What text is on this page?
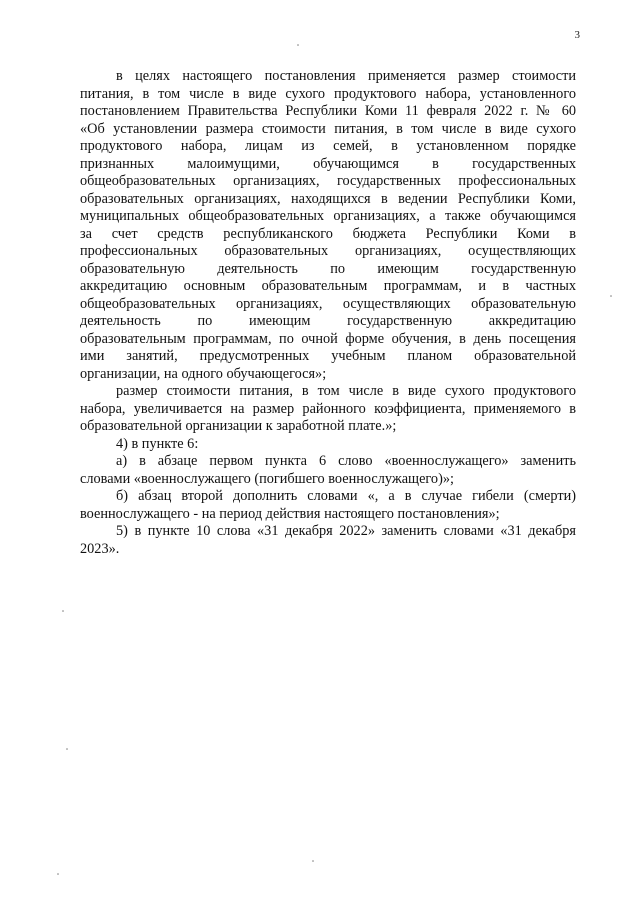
3

в целях настоящего постановления применяется размер стоимости
питания, в том числе в виде сухого продуктового набора, установленного
постановлением Правительства Республики Коми 11 февраля 2022 г. № 60
«Об установлении размера стоимости питания, в том числе в виде сухого
продуктового набора, лицам из семей, в установленном порядке
признанных малоимущими, обучающимся в государственных
общеобразовательных организациях, государственных профессиональных
образовательных организациях, находящихся в ведении Республики Коми,
муниципальных общеобразовательных организациях, а также обучающимся
за счет средств республиканского бюджета Республики Коми в
профессиональных образовательных организациях, осуществляющих
образовательную деятельность по имеющим государственную
аккредитацию основным образовательным программам, и в частных
общеобразовательных организациях, осуществляющих образовательную
деятельность по имеющим государственную аккредитацию
образовательным программам, по очной форме обучения, в день посещения
ими занятий, предусмотренных учебным планом образовательной
организации, на одного обучающегося»;

размер стоимости питания, в том числе в виде сухого продуктового
набора, увеличивается на размер районного коэффициента, применяемого в
образовательной организации к заработной плате.»;

4) в пункте 6:

а) в абзаце первом пункта 6 слово «военнослужащего» заменить
словами «военнослужащего (погибшего военнослужащего)»;

б) абзац второй дополнить словами «, а в случае гибели (смерти)
военнослужащего - на период действия настоящего постановления»;

5) в пункте 10 слова «31 декабря 2022» заменить словами «31 декабря
2023».
